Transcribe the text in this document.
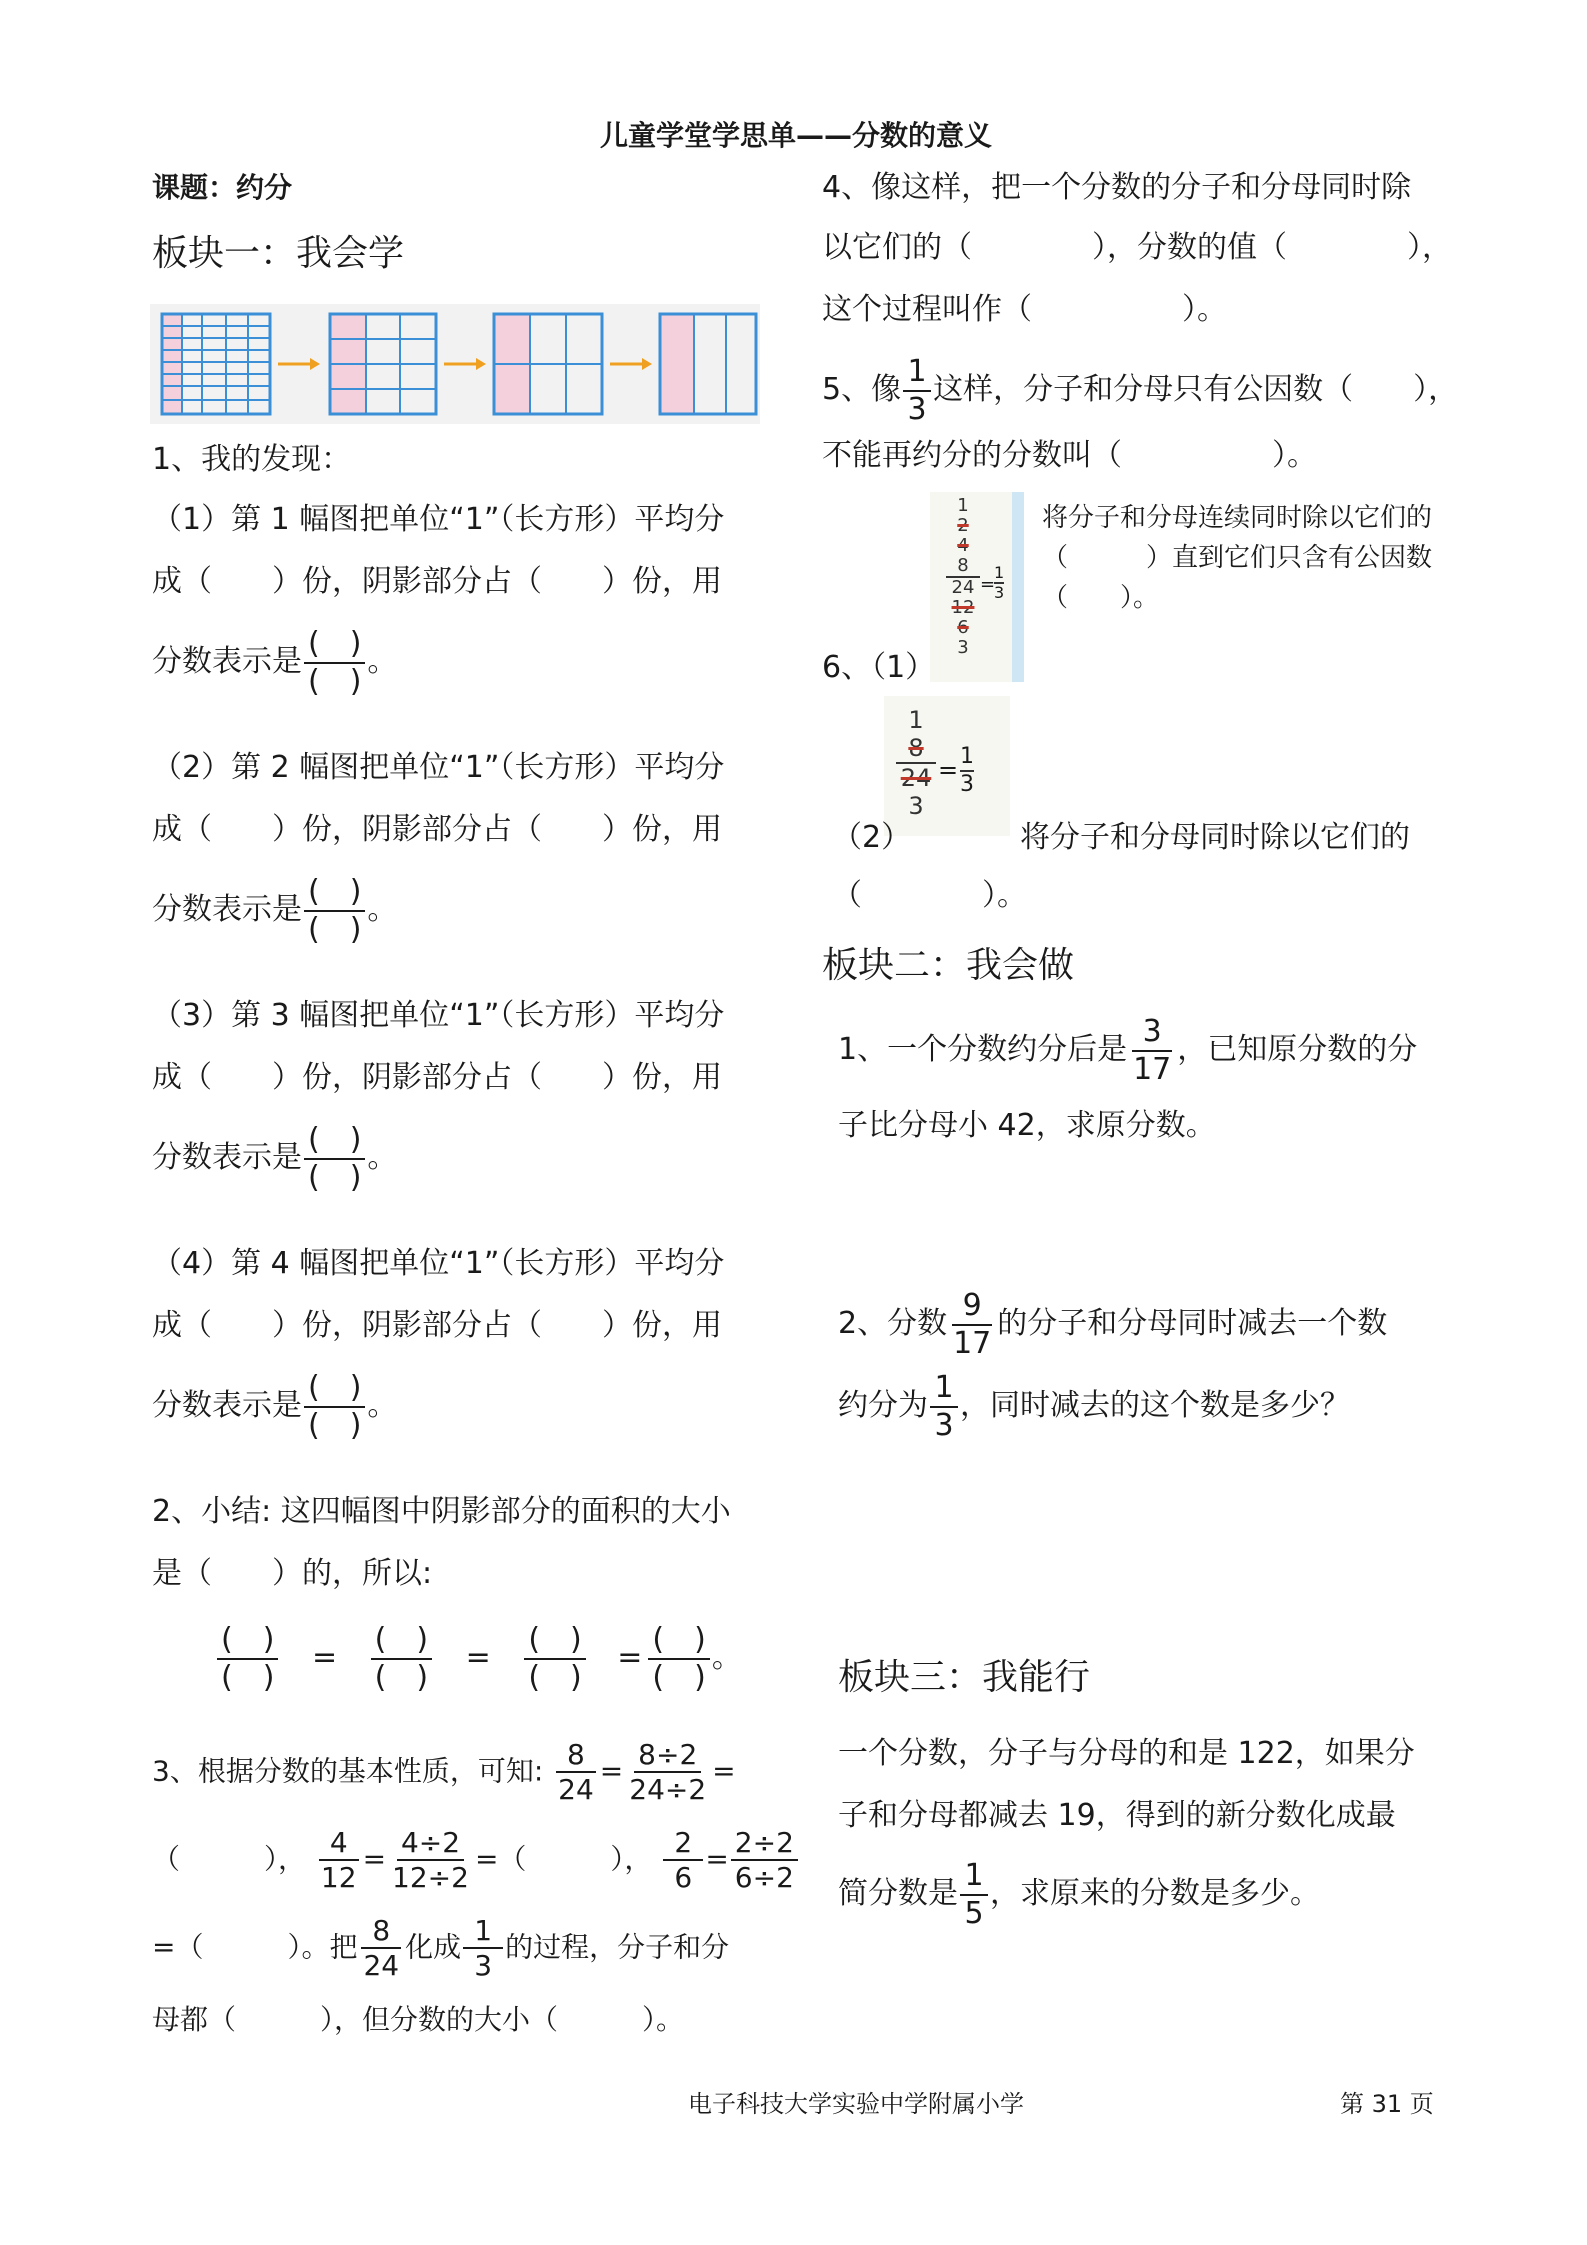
儿童学堂学思单——分数的意义
课题：约分
板块一：我会学
1、我的发现：
（1）第 1 幅图把单位“1”（长方形）平均分
成（　　）份，阴影部分占（　　）份，用
分数表示是 $\frac{( )}{( )}$ 。
（2）第 2 幅图把单位“1”（长方形）平均分
成（　　）份，阴影部分占（　　）份，用
分数表示是 $\frac{( )}{( )}$ 。
（3）第 3 幅图把单位“1”（长方形）平均分
成（　　）份，阴影部分占（　　）份，用
分数表示是 $\frac{( )}{( )}$ 。
（4）第 4 幅图把单位“1”（长方形）平均分
成（　　）份，阴影部分占（　　）份，用
分数表示是 $\frac{( )}{( )}$ 。
2、小结: 这四幅图中阴影部分的面积的大小
是（　　）的，所以:
$\frac{( )}{( )} = \frac{( )}{( )} = \frac{( )}{( )} = \frac{( )}{( )}$ 。
3、根据分数的基本性质，可知: $\frac{8}{24} = \frac{8\div 2}{24\div 2}$ =
（　　　）， $\frac{4}{12} = \frac{4\div 2}{12\div 2}$ =（　　　）， $\frac{2}{6} = \frac{2\div 2}{6\div 2}$
=（　　　）。把 $\frac{8}{24}$ 化成 $\frac{1}{3}$ 的过程，分子和分
母都（　　　），但分数的大小（　　　）。
4、像这样，把一个分数的分子和分母同时除
以它们的（　　　　），分数的值（　　　　），
这个过程叫作（　　　　　）。
5、像 $\frac{1}{3}$ 这样，分子和分母只有公因数（　　），
不能再约分的分数叫（　　　　　）。
1
2
4
8
24
12
6
3
=
1
3
将分子和分母连续同时除以它们的
（　　　）直到它们只含有公因数
（　　）。
6、（1）
1
8
24
3
= 1
3
（2）	将分子和分母同时除以它们的
（　　　　）。
板块二：我会做
1、一个分数约分后是 $\frac{3}{17}$ ，已知原分数的分
子比分母小 42，求原分数。
2、分数 $\frac{9}{17}$ 的分子和分母同时减去一个数
约分为 $\frac{1}{3}$ ，同时减去的这个数是多少？
板块三：我能行
一个分数，分子与分母的和是 122，如果分
子和分母都减去 19，得到的新分数化成最
简分数是 $\frac{1}{5}$ ，求原来的分数是多少。
电子科技大学实验中学附属小学	第 31 页
